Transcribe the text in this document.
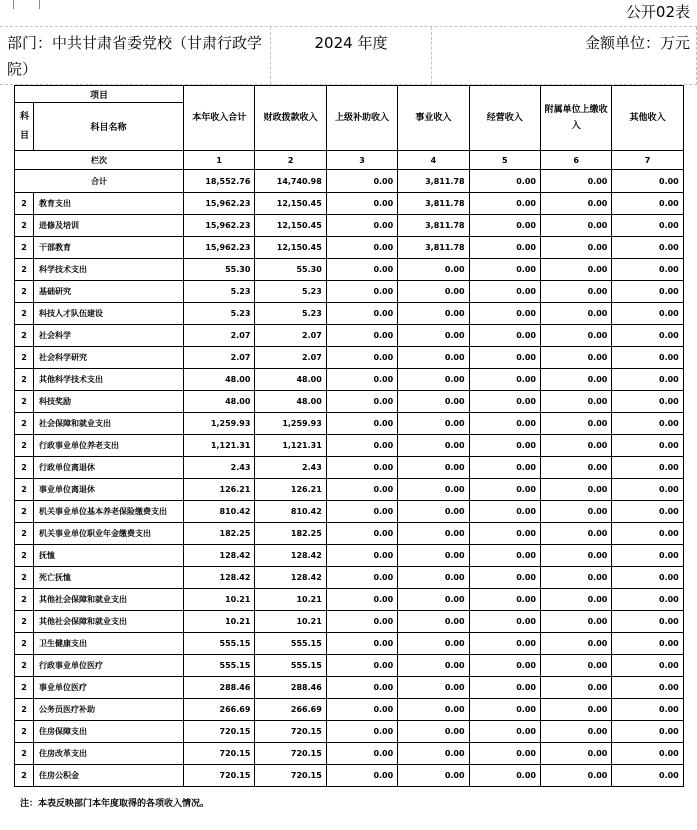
公开02表
部门：中共甘肃省委党校（甘肃行政学院）
2024 年度	金额单位：万元
项目		本年收入合计	财政拨款收入	上级补助收入	事业收入	经营收入	附属单位上缴收入	其他收入
科目	科目名称							
栏次		1	2	3	4	5	6	7
合计		18,552.76	14,740.98	0.00	3,811.78	0.00	0.00	0.00
2	教育支出	15,962.23	12,150.45	0.00	3,811.78	0.00	0.00	0.00
2	进修及培训	15,962.23	12,150.45	0.00	3,811.78	0.00	0.00	0.00
2	干部教育	15,962.23	12,150.45	0.00	3,811.78	0.00	0.00	0.00
2	科学技术支出	55.30	55.30	0.00	0.00	0.00	0.00	0.00
2	基础研究	5.23	5.23	0.00	0.00	0.00	0.00	0.00
2	科技人才队伍建设	5.23	5.23	0.00	0.00	0.00	0.00	0.00
2	社会科学	2.07	2.07	0.00	0.00	0.00	0.00	0.00
2	社会科学研究	2.07	2.07	0.00	0.00	0.00	0.00	0.00
2	其他科学技术支出	48.00	48.00	0.00	0.00	0.00	0.00	0.00
2	科技奖励	48.00	48.00	0.00	0.00	0.00	0.00	0.00
2	社会保障和就业支出	1,259.93	1,259.93	0.00	0.00	0.00	0.00	0.00
2	行政事业单位养老支出	1,121.31	1,121.31	0.00	0.00	0.00	0.00	0.00
2	行政单位离退休	2.43	2.43	0.00	0.00	0.00	0.00	0.00
2	事业单位离退休	126.21	126.21	0.00	0.00	0.00	0.00	0.00
2	机关事业单位基本养老保险缴费支出	810.42	810.42	0.00	0.00	0.00	0.00	0.00
2	机关事业单位职业年金缴费支出	182.25	182.25	0.00	0.00	0.00	0.00	0.00
2	抚恤	128.42	128.42	0.00	0.00	0.00	0.00	0.00
2	死亡抚恤	128.42	128.42	0.00	0.00	0.00	0.00	0.00
2	其他社会保障和就业支出	10.21	10.21	0.00	0.00	0.00	0.00	0.00
2	其他社会保障和就业支出	10.21	10.21	0.00	0.00	0.00	0.00	0.00
2	卫生健康支出	555.15	555.15	0.00	0.00	0.00	0.00	0.00
2	行政事业单位医疗	555.15	555.15	0.00	0.00	0.00	0.00	0.00
2	事业单位医疗	288.46	288.46	0.00	0.00	0.00	0.00	0.00
2	公务员医疗补助	266.69	266.69	0.00	0.00	0.00	0.00	0.00
2	住房保障支出	720.15	720.15	0.00	0.00	0.00	0.00	0.00
2	住房改革支出	720.15	720.15	0.00	0.00	0.00	0.00	0.00
2	住房公积金	720.15	720.15	0.00	0.00	0.00	0.00	0.00
注：本表反映部门本年度取得的各项收入情况。
